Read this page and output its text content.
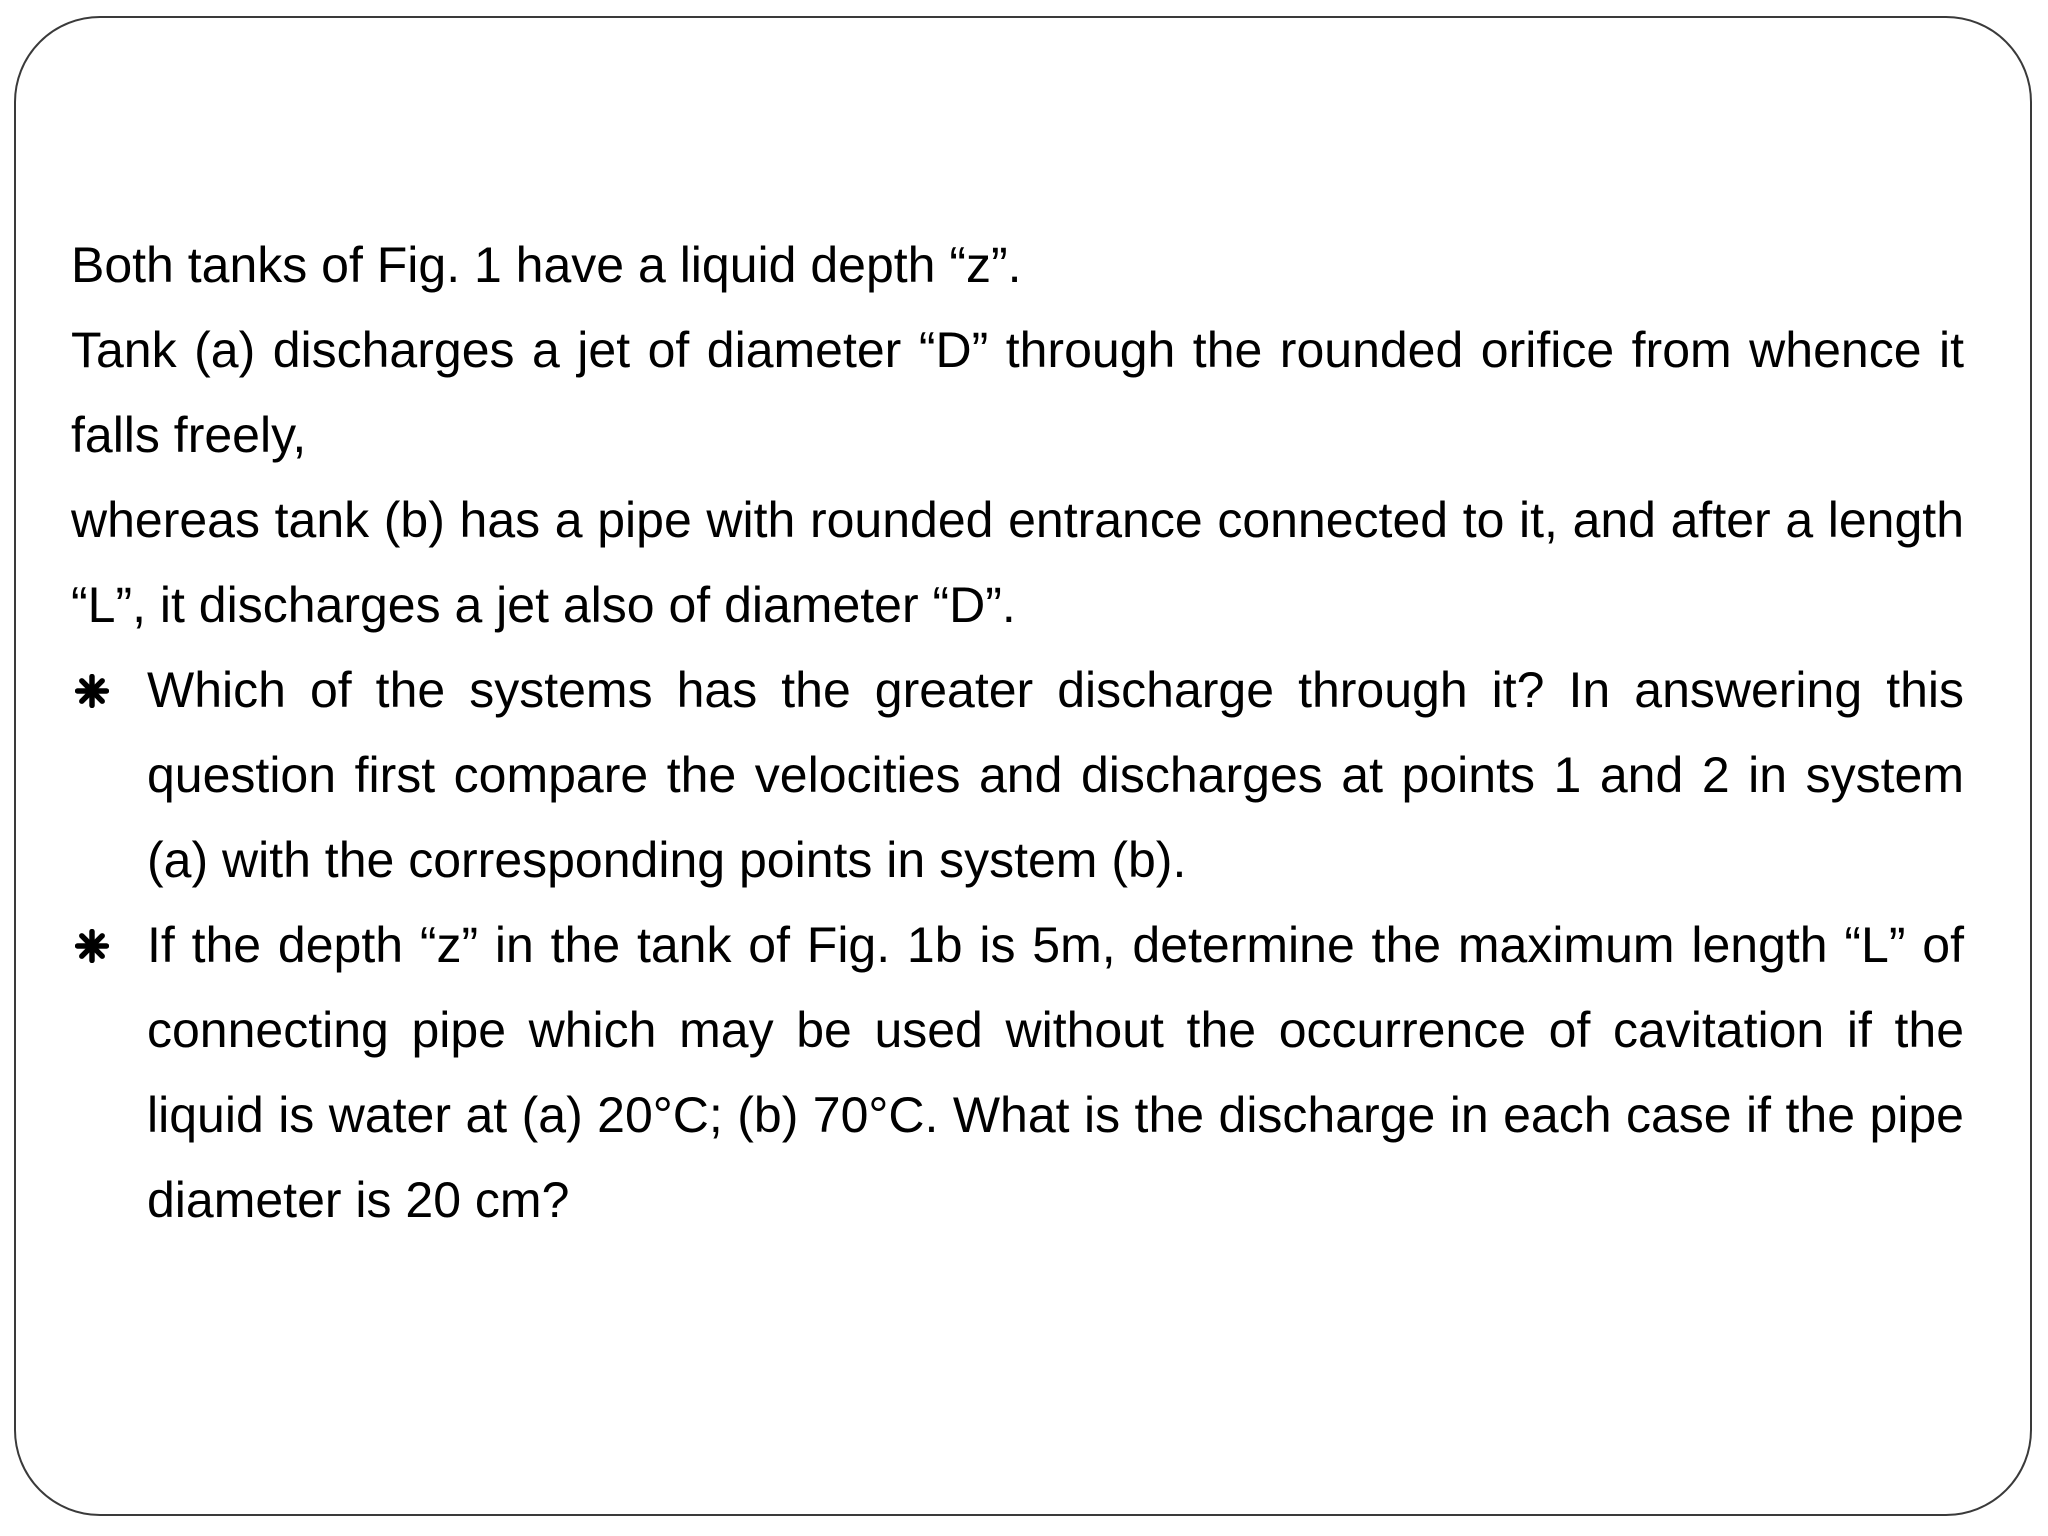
Both tanks of Fig. 1 have a liquid depth “z”.

Tank (a) discharges a jet of diameter “D” through the rounded orifice from whence it falls freely,

whereas tank (b) has a pipe with rounded entrance connected to it, and after a length “L”, it discharges a jet also of diameter “D”.

Which of the systems has the greater discharge through it? In answering this question first compare the velocities and discharges at points 1 and 2 in system (a) with the corresponding points in system (b).
If the depth “z” in the tank of Fig. 1b is 5m, determine the maximum length “L” of connecting pipe which may be used without the occurrence of cavitation if the liquid is water at (a) 20°C; (b) 70°C. What is the discharge in each case if the pipe diameter is 20 cm?
